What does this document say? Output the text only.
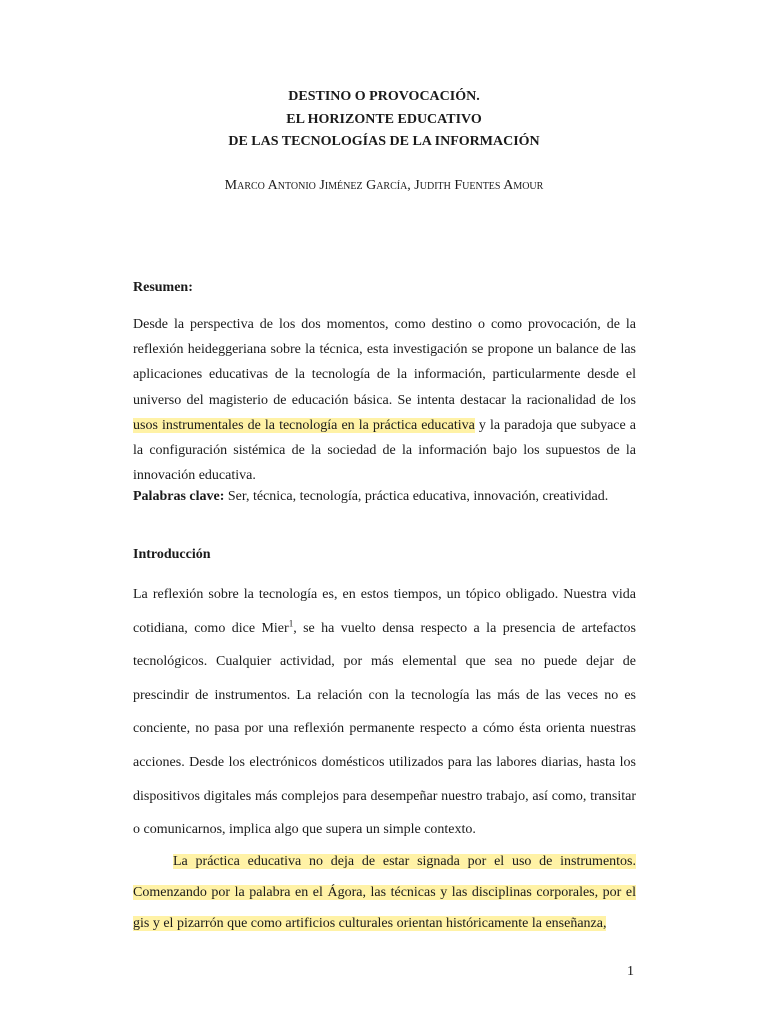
DESTINO O PROVOCACIÓN.
EL HORIZONTE EDUCATIVO
DE LAS TECNOLOGÍAS DE LA INFORMACIÓN
Marco Antonio Jiménez García, Judith Fuentes Amour
Resumen:
Desde la perspectiva de los dos momentos, como destino o como provocación, de la reflexión heideggeriana sobre la técnica, esta investigación se propone un balance de las aplicaciones educativas de la tecnología de la información, particularmente desde el universo del magisterio de educación básica. Se intenta destacar la racionalidad de los usos instrumentales de la tecnología en la práctica educativa y la paradoja que subyace a la configuración sistémica de la sociedad de la información bajo los supuestos de la innovación educativa.
Palabras clave: Ser, técnica, tecnología, práctica educativa, innovación, creatividad.
Introducción
La reflexión sobre la tecnología es, en estos tiempos, un tópico obligado. Nuestra vida cotidiana, como dice Mier$^1$, se ha vuelto densa respecto a la presencia de artefactos tecnológicos. Cualquier actividad, por más elemental que sea no puede dejar de prescindir de instrumentos. La relación con la tecnología las más de las veces no es conciente, no pasa por una reflexión permanente respecto a cómo ésta orienta nuestras acciones. Desde los electrónicos domésticos utilizados para las labores diarias, hasta los dispositivos digitales más complejos para desempeñar nuestro trabajo, así como, transitar o comunicarnos, implica algo que supera un simple contexto.
La práctica educativa no deja de estar signada por el uso de instrumentos. Comenzando por la palabra en el Ágora, las técnicas y las disciplinas corporales, por el gis y el pizarrón que como artificios culturales orientan históricamente la enseñanza,
1
